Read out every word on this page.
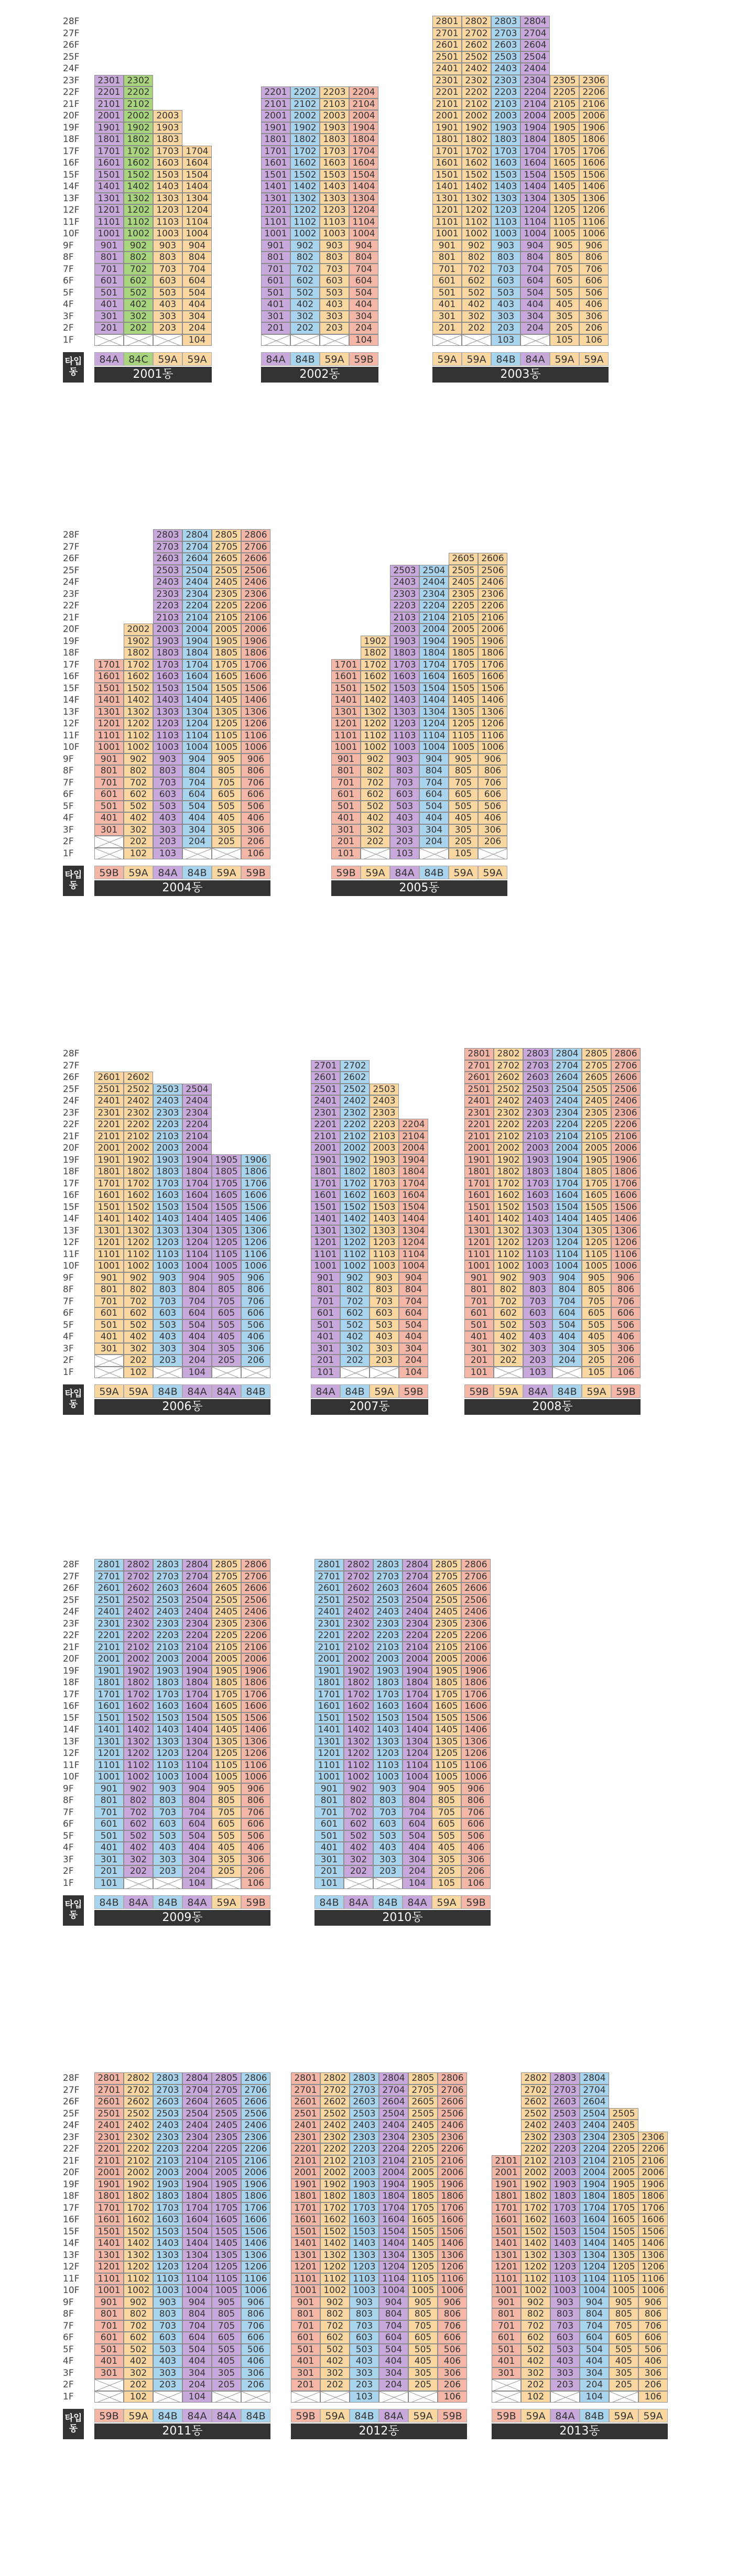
28F
27F
26F
25F
24F
23F
22F
21F
20F
19F
18F
17F
16F
15F
14F
13F
12F
11F
10F
9F
8F
7F
6F
5F
4F
3F
2F
1F
2301
2201
2101
2001
1901
1801
1701
1601
1501
1401
1301
1201
1101
1001
901
801
701
601
501
401
301
201
84A
2302
2202
2102
2002
1902
1802
1702
1602
1502
1402
1302
1202
1102
1002
902
802
702
602
502
402
302
202
84C
2003
1903
1803
1703
1603
1503
1403
1303
1203
1103
1003
903
803
703
603
503
403
303
203
59A
1704
1604
1504
1404
1304
1204
1104
1004
904
804
704
604
504
404
304
204
104
59A
2001동
2201
2101
2001
1901
1801
1701
1601
1501
1401
1301
1201
1101
1001
901
801
701
601
501
401
301
201
84A
2202
2102
2002
1902
1802
1702
1602
1502
1402
1302
1202
1102
1002
902
802
702
602
502
402
302
202
84B
2203
2103
2003
1903
1803
1703
1603
1503
1403
1303
1203
1103
1003
903
803
703
603
503
403
303
203
59A
2204
2104
2004
1904
1804
1704
1604
1504
1404
1304
1204
1104
1004
904
804
704
604
504
404
304
204
104
59B
2002동
2801
2701
2601
2501
2401
2301
2201
2101
2001
1901
1801
1701
1601
1501
1401
1301
1201
1101
1001
901
801
701
601
501
401
301
201
59A
2802
2702
2602
2502
2402
2302
2202
2102
2002
1902
1802
1702
1602
1502
1402
1302
1202
1102
1002
902
802
702
602
502
402
302
202
59A
2803
2703
2603
2503
2403
2303
2203
2103
2003
1903
1803
1703
1603
1503
1403
1303
1203
1103
1003
903
803
703
603
503
403
303
203
103
84B
2804
2704
2604
2504
2404
2304
2204
2104
2004
1904
1804
1704
1604
1504
1404
1304
1204
1104
1004
904
804
704
604
504
404
304
204
84A
2305
2205
2105
2005
1905
1805
1705
1605
1505
1405
1305
1205
1105
1005
905
805
705
605
505
405
305
205
105
59A
2306
2206
2106
2006
1906
1806
1706
1606
1506
1406
1306
1206
1106
1006
906
806
706
606
506
406
306
206
106
59A
2003동
28F
27F
26F
25F
24F
23F
22F
21F
20F
19F
18F
17F
16F
15F
14F
13F
12F
11F
10F
9F
8F
7F
6F
5F
4F
3F
2F
1F
1701
1601
1501
1401
1301
1201
1101
1001
901
801
701
601
501
401
301
59B
2002
1902
1802
1702
1602
1502
1402
1302
1202
1102
1002
902
802
702
602
502
402
302
202
102
59A
2803
2703
2603
2503
2403
2303
2203
2103
2003
1903
1803
1703
1603
1503
1403
1303
1203
1103
1003
903
803
703
603
503
403
303
203
103
84A
2804
2704
2604
2504
2404
2304
2204
2104
2004
1904
1804
1704
1604
1504
1404
1304
1204
1104
1004
904
804
704
604
504
404
304
204
84B
2805
2705
2605
2505
2405
2305
2205
2105
2005
1905
1805
1705
1605
1505
1405
1305
1205
1105
1005
905
805
705
605
505
405
305
205
59A
2806
2706
2606
2506
2406
2306
2206
2106
2006
1906
1806
1706
1606
1506
1406
1306
1206
1106
1006
906
806
706
606
506
406
306
206
106
59B
2004동
1701
1601
1501
1401
1301
1201
1101
1001
901
801
701
601
501
401
301
201
101
59B
1902
1802
1702
1602
1502
1402
1302
1202
1102
1002
902
802
702
602
502
402
302
202
59A
2503
2403
2303
2203
2103
2003
1903
1803
1703
1603
1503
1403
1303
1203
1103
1003
903
803
703
603
503
403
303
203
103
84A
2504
2404
2304
2204
2104
2004
1904
1804
1704
1604
1504
1404
1304
1204
1104
1004
904
804
704
604
504
404
304
204
84B
2605
2505
2405
2305
2205
2105
2005
1905
1805
1705
1605
1505
1405
1305
1205
1105
1005
905
805
705
605
505
405
305
205
105
59A
2606
2506
2406
2306
2206
2106
2006
1906
1806
1706
1606
1506
1406
1306
1206
1106
1006
906
806
706
606
506
406
306
206
59A
2005동
28F
27F
26F
25F
24F
23F
22F
21F
20F
19F
18F
17F
16F
15F
14F
13F
12F
11F
10F
9F
8F
7F
6F
5F
4F
3F
2F
1F
2601
2501
2401
2301
2201
2101
2001
1901
1801
1701
1601
1501
1401
1301
1201
1101
1001
901
801
701
601
501
401
301
59A
2602
2502
2402
2302
2202
2102
2002
1902
1802
1702
1602
1502
1402
1302
1202
1102
1002
902
802
702
602
502
402
302
202
102
59A
2503
2403
2303
2203
2103
2003
1903
1803
1703
1603
1503
1403
1303
1203
1103
1003
903
803
703
603
503
403
303
203
84B
2504
2404
2304
2204
2104
2004
1904
1804
1704
1604
1504
1404
1304
1204
1104
1004
904
804
704
604
504
404
304
204
104
84A
1905
1805
1705
1605
1505
1405
1305
1205
1105
1005
905
805
705
605
505
405
305
205
84A
1906
1806
1706
1606
1506
1406
1306
1206
1106
1006
906
806
706
606
506
406
306
206
84B
2006동
2701
2601
2501
2401
2301
2201
2101
2001
1901
1801
1701
1601
1501
1401
1301
1201
1101
1001
901
801
701
601
501
401
301
201
101
84A
2702
2602
2502
2402
2302
2202
2102
2002
1902
1802
1702
1602
1502
1402
1302
1202
1102
1002
902
802
702
602
502
402
302
202
84B
2503
2403
2303
2203
2103
2003
1903
1803
1703
1603
1503
1403
1303
1203
1103
1003
903
803
703
603
503
403
303
203
59A
2204
2104
2004
1904
1804
1704
1604
1504
1404
1304
1204
1104
1004
904
804
704
604
504
404
304
204
104
59B
2007동
2801
2701
2601
2501
2401
2301
2201
2101
2001
1901
1801
1701
1601
1501
1401
1301
1201
1101
1001
901
801
701
601
501
401
301
201
101
59B
2802
2702
2602
2502
2402
2302
2202
2102
2002
1902
1802
1702
1602
1502
1402
1302
1202
1102
1002
902
802
702
602
502
402
302
202
59A
2803
2703
2603
2503
2403
2303
2203
2103
2003
1903
1803
1703
1603
1503
1403
1303
1203
1103
1003
903
803
703
603
503
403
303
203
103
84A
2804
2704
2604
2504
2404
2304
2204
2104
2004
1904
1804
1704
1604
1504
1404
1304
1204
1104
1004
904
804
704
604
504
404
304
204
84B
2805
2705
2605
2505
2405
2305
2205
2105
2005
1905
1805
1705
1605
1505
1405
1305
1205
1105
1005
905
805
705
605
505
405
305
205
105
59A
2806
2706
2606
2506
2406
2306
2206
2106
2006
1906
1806
1706
1606
1506
1406
1306
1206
1106
1006
906
806
706
606
506
406
306
206
106
59B
2008동
28F
27F
26F
25F
24F
23F
22F
21F
20F
19F
18F
17F
16F
15F
14F
13F
12F
11F
10F
9F
8F
7F
6F
5F
4F
3F
2F
1F
2801
2701
2601
2501
2401
2301
2201
2101
2001
1901
1801
1701
1601
1501
1401
1301
1201
1101
1001
901
801
701
601
501
401
301
201
101
84B
2802
2702
2602
2502
2402
2302
2202
2102
2002
1902
1802
1702
1602
1502
1402
1302
1202
1102
1002
902
802
702
602
502
402
302
202
84A
2803
2703
2603
2503
2403
2303
2203
2103
2003
1903
1803
1703
1603
1503
1403
1303
1203
1103
1003
903
803
703
603
503
403
303
203
84B
2804
2704
2604
2504
2404
2304
2204
2104
2004
1904
1804
1704
1604
1504
1404
1304
1204
1104
1004
904
804
704
604
504
404
304
204
104
84A
2805
2705
2605
2505
2405
2305
2205
2105
2005
1905
1805
1705
1605
1505
1405
1305
1205
1105
1005
905
805
705
605
505
405
305
205
59A
2806
2706
2606
2506
2406
2306
2206
2106
2006
1906
1806
1706
1606
1506
1406
1306
1206
1106
1006
906
806
706
606
506
406
306
206
106
59B
2009동
2801
2701
2601
2501
2401
2301
2201
2101
2001
1901
1801
1701
1601
1501
1401
1301
1201
1101
1001
901
801
701
601
501
401
301
201
101
84B
2802
2702
2602
2502
2402
2302
2202
2102
2002
1902
1802
1702
1602
1502
1402
1302
1202
1102
1002
902
802
702
602
502
402
302
202
84A
2803
2703
2603
2503
2403
2303
2203
2103
2003
1903
1803
1703
1603
1503
1403
1303
1203
1103
1003
903
803
703
603
503
403
303
203
84B
2804
2704
2604
2504
2404
2304
2204
2104
2004
1904
1804
1704
1604
1504
1404
1304
1204
1104
1004
904
804
704
604
504
404
304
204
104
84A
2805
2705
2605
2505
2405
2305
2205
2105
2005
1905
1805
1705
1605
1505
1405
1305
1205
1105
1005
905
805
705
605
505
405
305
205
105
59A
2806
2706
2606
2506
2406
2306
2206
2106
2006
1906
1806
1706
1606
1506
1406
1306
1206
1106
1006
906
806
706
606
506
406
306
206
106
59B
2010동
28F
27F
26F
25F
24F
23F
22F
21F
20F
19F
18F
17F
16F
15F
14F
13F
12F
11F
10F
9F
8F
7F
6F
5F
4F
3F
2F
1F
2801
2701
2601
2501
2401
2301
2201
2101
2001
1901
1801
1701
1601
1501
1401
1301
1201
1101
1001
901
801
701
601
501
401
301
59B
2802
2702
2602
2502
2402
2302
2202
2102
2002
1902
1802
1702
1602
1502
1402
1302
1202
1102
1002
902
802
702
602
502
402
302
202
102
59A
2803
2703
2603
2503
2403
2303
2203
2103
2003
1903
1803
1703
1603
1503
1403
1303
1203
1103
1003
903
803
703
603
503
403
303
203
84B
2804
2704
2604
2504
2404
2304
2204
2104
2004
1904
1804
1704
1604
1504
1404
1304
1204
1104
1004
904
804
704
604
504
404
304
204
104
84A
2805
2705
2605
2505
2405
2305
2205
2105
2005
1905
1805
1705
1605
1505
1405
1305
1205
1105
1005
905
805
705
605
505
405
305
205
84A
2806
2706
2606
2506
2406
2306
2206
2106
2006
1906
1806
1706
1606
1506
1406
1306
1206
1106
1006
906
806
706
606
506
406
306
206
84B
2011동
2801
2701
2601
2501
2401
2301
2201
2101
2001
1901
1801
1701
1601
1501
1401
1301
1201
1101
1001
901
801
701
601
501
401
301
201
59B
2802
2702
2602
2502
2402
2302
2202
2102
2002
1902
1802
1702
1602
1502
1402
1302
1202
1102
1002
902
802
702
602
502
402
302
202
59A
2803
2703
2603
2503
2403
2303
2203
2103
2003
1903
1803
1703
1603
1503
1403
1303
1203
1103
1003
903
803
703
603
503
403
303
203
103
84B
2804
2704
2604
2504
2404
2304
2204
2104
2004
1904
1804
1704
1604
1504
1404
1304
1204
1104
1004
904
804
704
604
504
404
304
204
84A
2805
2705
2605
2505
2405
2305
2205
2105
2005
1905
1805
1705
1605
1505
1405
1305
1205
1105
1005
905
805
705
605
505
405
305
205
59A
2806
2706
2606
2506
2406
2306
2206
2106
2006
1906
1806
1706
1606
1506
1406
1306
1206
1106
1006
906
806
706
606
506
406
306
206
106
59B
2012동
2101
2001
1901
1801
1701
1601
1501
1401
1301
1201
1101
1001
901
801
701
601
501
401
301
59B
2802
2702
2602
2502
2402
2302
2202
2102
2002
1902
1802
1702
1602
1502
1402
1302
1202
1102
1002
902
802
702
602
502
402
302
202
102
59A
2803
2703
2603
2503
2403
2303
2203
2103
2003
1903
1803
1703
1603
1503
1403
1303
1203
1103
1003
903
803
703
603
503
403
303
203
84A
2804
2704
2604
2504
2404
2304
2204
2104
2004
1904
1804
1704
1604
1504
1404
1304
1204
1104
1004
904
804
704
604
504
404
304
204
104
84B
2505
2405
2305
2205
2105
2005
1905
1805
1705
1605
1505
1405
1305
1205
1105
1005
905
805
705
605
505
405
305
205
59A
2306
2206
2106
2006
1906
1806
1706
1606
1506
1406
1306
1206
1106
1006
906
806
706
606
506
406
306
206
106
59A
2013동
타입
동
타입
동
타입
동
타입
동
타입
동
